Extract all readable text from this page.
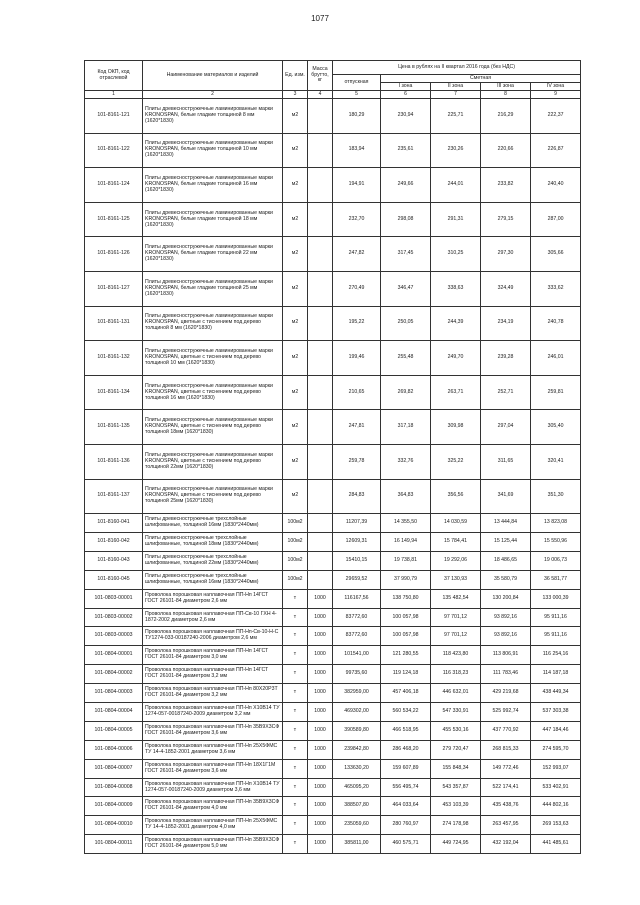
1077
Код ОКП, код отраслевой	Наименование материалов и изделий	Ед. изм.	Масса брутто, кг	Цена в рублях на II квартал 2016 года (без НДС)				
				отпускная	Сметная			
					I зона	II зона	III зона	IV зона
1	2	3	4	5	6	7	8	9
101-8161-121	Плиты древесностружечные ламинированные марки KRONOSPAN, белые гладкие толщиной 8 мм (1620*1830)	м2		180,29	230,94	225,71	216,29	222,37
101-8161-122	Плиты древесностружечные ламинированные марки KRONOSPAN, белые гладкие толщиной 10 мм (1620*1830)	м2		183,94	235,61	230,26	220,66	226,87
101-8161-124	Плиты древесностружечные ламинированные марки KRONOSPAN, белые гладкие толщиной 16 мм (1620*1830)	м2		194,91	249,66	244,01	233,82	240,40
101-8161-125	Плиты древесностружечные ламинированные марки KRONOSPAN, белые гладкие толщиной 18 мм (1620*1830)	м2		232,70	298,08	291,31	279,15	287,00
101-8161-126	Плиты древесностружечные ламинированные марки KRONOSPAN, белые гладкие толщиной 22 мм (1620*1830)	м2		247,82	317,45	310,25	297,30	305,66
101-8161-127	Плиты древесностружечные ламинированные марки KRONOSPAN, белые гладкие толщиной 25 мм (1620*1830)	м2		270,49	346,47	338,63	324,49	333,62
101-8161-131	Плиты древесностружечные ламинированные марки KRONOSPAN, цветные с тиснением под дерево толщиной 8 мм (1620*1830)	м2		195,22	250,05	244,39	234,19	240,78
101-8161-132	Плиты древесностружечные ламинированные марки KRONOSPAN, цветные с тиснением под дерево толщиной 10 мм (1620*1830)	м2		199,46	255,48	249,70	239,28	246,01
101-8161-134	Плиты древесностружечные ламинированные марки KRONOSPAN, цветные с тиснением под дерево толщиной 16 мм (1620*1830)	м2		210,65	269,82	263,71	252,71	259,81
101-8161-135	Плиты древесностружечные ламинированные марки KRONOSPAN, цветные с тиснением под дерево толщиной 18мм (1620*1830)	м2		247,81	317,18	309,98	297,04	305,40
101-8161-136	Плиты древесностружечные ламинированные марки KRONOSPAN, цветные с тиснением под дерево толщиной 22мм (1620*1830)	м2		259,78	332,76	325,22	311,65	320,41
101-8161-137	Плиты древесностружечные ламинированные марки KRONOSPAN, цветные с тиснением под дерево толщиной 25мм (1620*1830)	м2		284,83	364,83	356,56	341,69	351,30
101-8160-041	Плиты древесностружечные трехслойные шлифованные, толщиной 16мм (1830*2440мм)	100м2		11207,39	14 355,50	14 030,59	13 444,84	13 823,08
101-8160-042	Плиты древесностружечные трехслойные шлифованные, толщиной 18мм (1830*2440мм)	100м2		12609,31	16 149,94	15 784,41	15 125,44	15 550,96
101-8160-043	Плиты древесностружечные трехслойные шлифованные, толщиной 22мм (1830*2440мм)	100м2		15410,15	19 738,81	19 292,06	18 486,65	19 006,73
101-8160-045	Плиты древесностружечные трехслойные шлифованные, толщиной 16мм (1830*2440мм)	100м2		29659,52	37 990,79	37 130,93	35 580,79	36 581,77
101-0803-00001	Проволока порошковая наплавочная ПП-Нп 14ГСТ ГОСТ 26101-84 диаметром 2,6 мм	т	1000	116167,56	138 750,80	135 482,54	130 200,84	133 000,39
101-0803-00002	Проволока порошковая наплавочная ПП-Св-10 ГХН 4-1872-2002 диаметром 2,6 мм	т	1000	83772,60	100 057,98	97 701,12	93 892,16	95 911,16
101-0803-00003	Проволока порошковая наплавочная ПП-Нп-Св-10-Н-С ТУ1274-033-00187240-2006 диаметром 2,6 мм	т	1000	83772,60	100 057,98	97 701,12	93 892,16	95 911,16
101-0804-00001	Проволока порошковая наплавочная ПП-Нп 14ГСТ ГОСТ 26101-84 диаметром 3,0 мм	т	1000	101541,00	121 280,55	118 423,80	113 806,91	116 254,16
101-0804-00002	Проволока порошковая наплавочная ПП-Нп 14ГСТ ГОСТ 26101-84 диаметром 3,2 мм	т	1000	99735,60	119 124,18	116 318,23	111 783,46	114 187,18
101-0804-00003	Проволока порошковая наплавочная ПП-Нп 80Х20Р3Т ГОСТ 26101-84 диаметром 3,2 мм	т	1000	382959,00	457 406,18	446 632,01	429 219,68	438 449,34
101-0804-00004	Проволока порошковая наплавочная ПП-Нп Х10В14 ТУ 1274-057-00187240-2009 диаметром 3,2 мм	т	1000	469302,00	560 534,22	547 330,91	525 992,74	537 303,38
101-0804-00005	Проволока порошковая наплавочная ПП-Нп 35В9Х3СФ ГОСТ 26101-84 диаметром 3,6 мм	т	1000	390589,80	466 518,95	455 530,16	437 770,92	447 184,46
101-0804-00006	Проволока порошковая наплавочная ПП-Нп 25Х5ФМС ТУ 14-4-1852-2001 диаметром 3,6 мм	т	1000	239842,80	286 468,20	279 720,47	268 815,33	274 595,70
101-0804-00007	Проволока порошковая наплавочная ПП-Нп 18Х1Г1М ГОСТ 26101-84 диаметром 3,6 мм	т	1000	133630,20	159 607,89	155 848,34	149 772,46	152 993,07
101-0804-00008	Проволока порошковая наплавочная ПП-Нп Х10В14 ТУ 1274-057-00187240-2009 диаметром 3,6 мм	т	1000	465095,20	556 495,74	543 357,87	522 174,41	533 402,91
101-0804-00009	Проволока порошковая наплавочная ПП-Нп 35В9Х3СФ ГОСТ 26101-84 диаметром 4,0 мм	т	1000	388507,80	464 033,64	453 103,39	435 438,76	444 802,16
101-0804-00010	Проволока порошковая наплавочная ПП-Нп 25Х5ФМС ТУ 14-4-1852-2001 диаметром 4,0 мм	т	1000	235059,60	280 760,97	274 178,98	263 457,95	269 153,63
101-0804-00011	Проволока порошковая наплавочная ПП-Нп 35В9Х3СФ ГОСТ 26101-84 диаметром 5,0 мм	т	1000	385811,00	460 575,71	449 724,95	432 192,04	441 485,61
